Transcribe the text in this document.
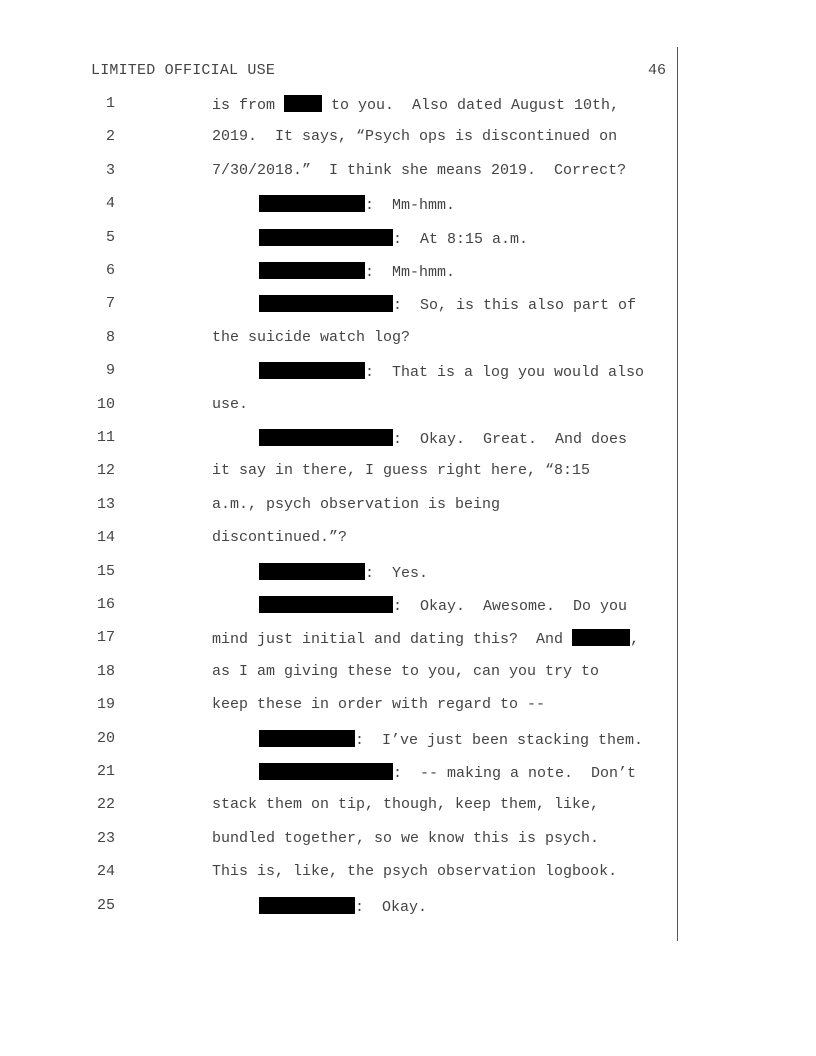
LIMITED OFFICIAL USE	46
1	is from	to you.  Also dated August 10th,
2	2019.  It says, “Psych ops is discontinued on
3	7/30/2018.”  I think she means 2019.  Correct?
4	:  Mm-hmm.
5	:  At 8:15 a.m.
6	:  Mm-hmm.
7	:  So, is this also part of
8	the suicide watch log?
9	:  That is a log you would also
10	use.
11	:  Okay.  Great.  And does
12	it say in there, I guess right here, “8:15
13	a.m., psych observation is being
14	discontinued.”?
15	:  Yes.
16	:  Okay.  Awesome.  Do you
17	mind just initial and dating this?  And	,
18	as I am giving these to you, can you try to
19	keep these in order with regard to --
20	:  I’ve just been stacking them.
21	:  -- making a note.  Don’t
22	stack them on tip, though, keep them, like,
23	bundled together, so we know this is psych.
24	This is, like, the psych observation logbook.
25	:  Okay.
